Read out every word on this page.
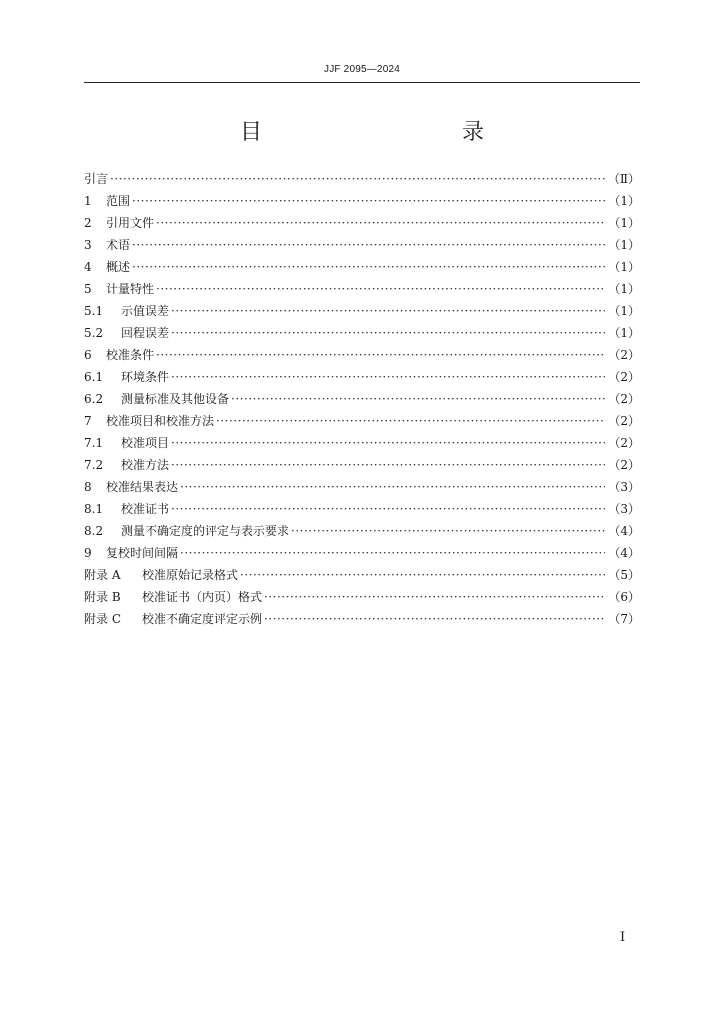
JJF 2095—2024
目　　录
引言 ·····	（Ⅱ）
1	范围 ·····	（1）
2	引用文件 ·····	（1）
3	术语 ·····	（1）
4	概述 ·····	（1）
5	计量特性 ·····	（1）
5.1	示值误差 ·····	（1）
5.2	回程误差 ·····	（1）
6	校准条件 ·····	（2）
6.1	环境条件 ·····	（2）
6.2	测量标准及其他设备 ·····	（2）
7	校准项目和校准方法 ·····	（2）
7.1	校准项目 ·····	（2）
7.2	校准方法 ·····	（2）
8	校准结果表达 ·····	（3）
8.1	校准证书 ·····	（3）
8.2	测量不确定度的评定与表示要求 ·····	（4）
9	复校时间间隔 ·····	（4）
附录 A	校准原始记录格式 ·····	（5）
附录 B	校准证书（内页）格式 ·····	（6）
附录 C	校准不确定度评定示例 ·····	（7）
I
